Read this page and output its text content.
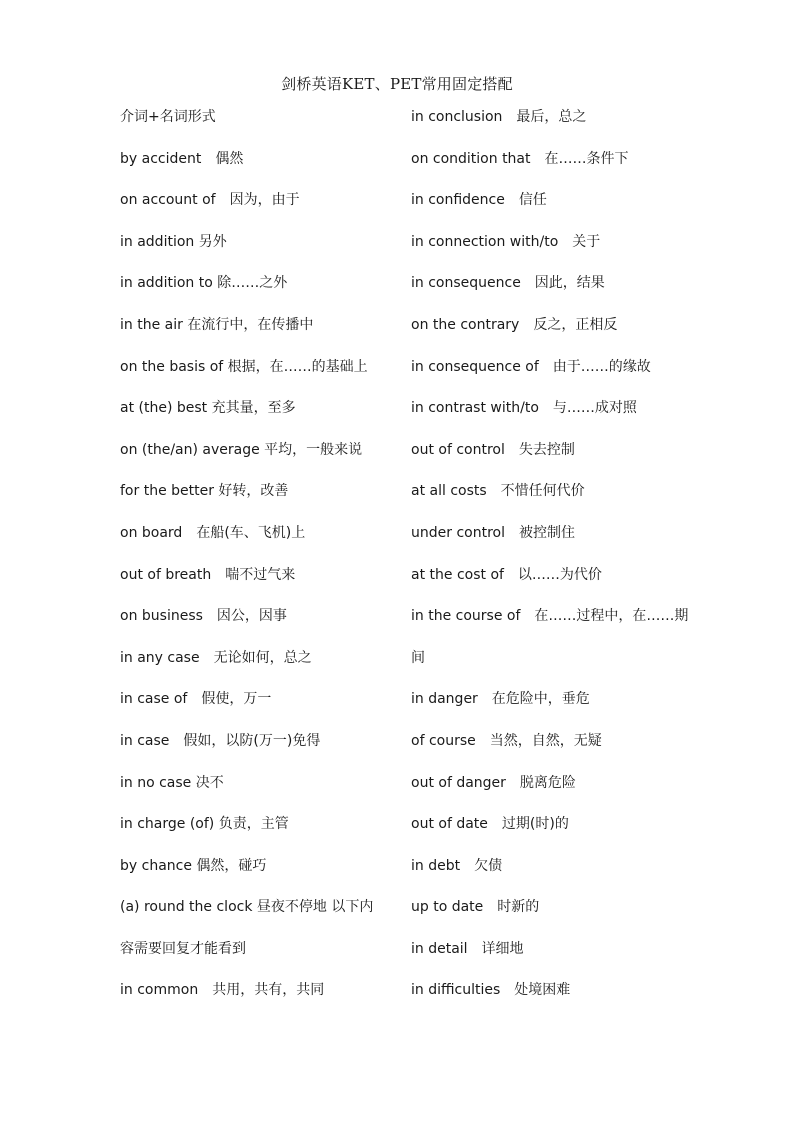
剑桥英语KET、PET常用固定搭配
介词+名词形式
by accident　偶然
on account of　因为，由于
in addition 另外
in addition to 除……之外
in the air 在流行中，在传播中
on the basis of 根据，在……的基础上
at (the) best 充其量，至多
on (the/an) average 平均，一般来说
for the better 好转，改善
on board　在船(车、飞机)上
out of breath　喘不过气来
on business　因公，因事
in any case　无论如何，总之
in case of　假使，万一
in case　假如，以防(万一)免得
in no case 决不
in charge (of) 负责，主管
by chance 偶然，碰巧
(a) round the clock 昼夜不停地 以下内
容需要回复才能看到
in common　共用，共有，共同
in conclusion　最后，总之
on condition that　在……条件下
in confidence　信任
in connection with/to　关于
in consequence　因此，结果
on the contrary　反之，正相反
in consequence of　由于……的缘故
in contrast with/to　与……成对照
out of control　失去控制
at all costs　不惜任何代价
under control　被控制住
at the cost of　以……为代价
in the course of　在……过程中，在……期
间
in danger　在危险中，垂危
of course　当然，自然，无疑
out of danger　脱离危险
out of date　过期(时)的
in debt　欠债
up to date　时新的
in detail　详细地
in difficulties　处境困难
